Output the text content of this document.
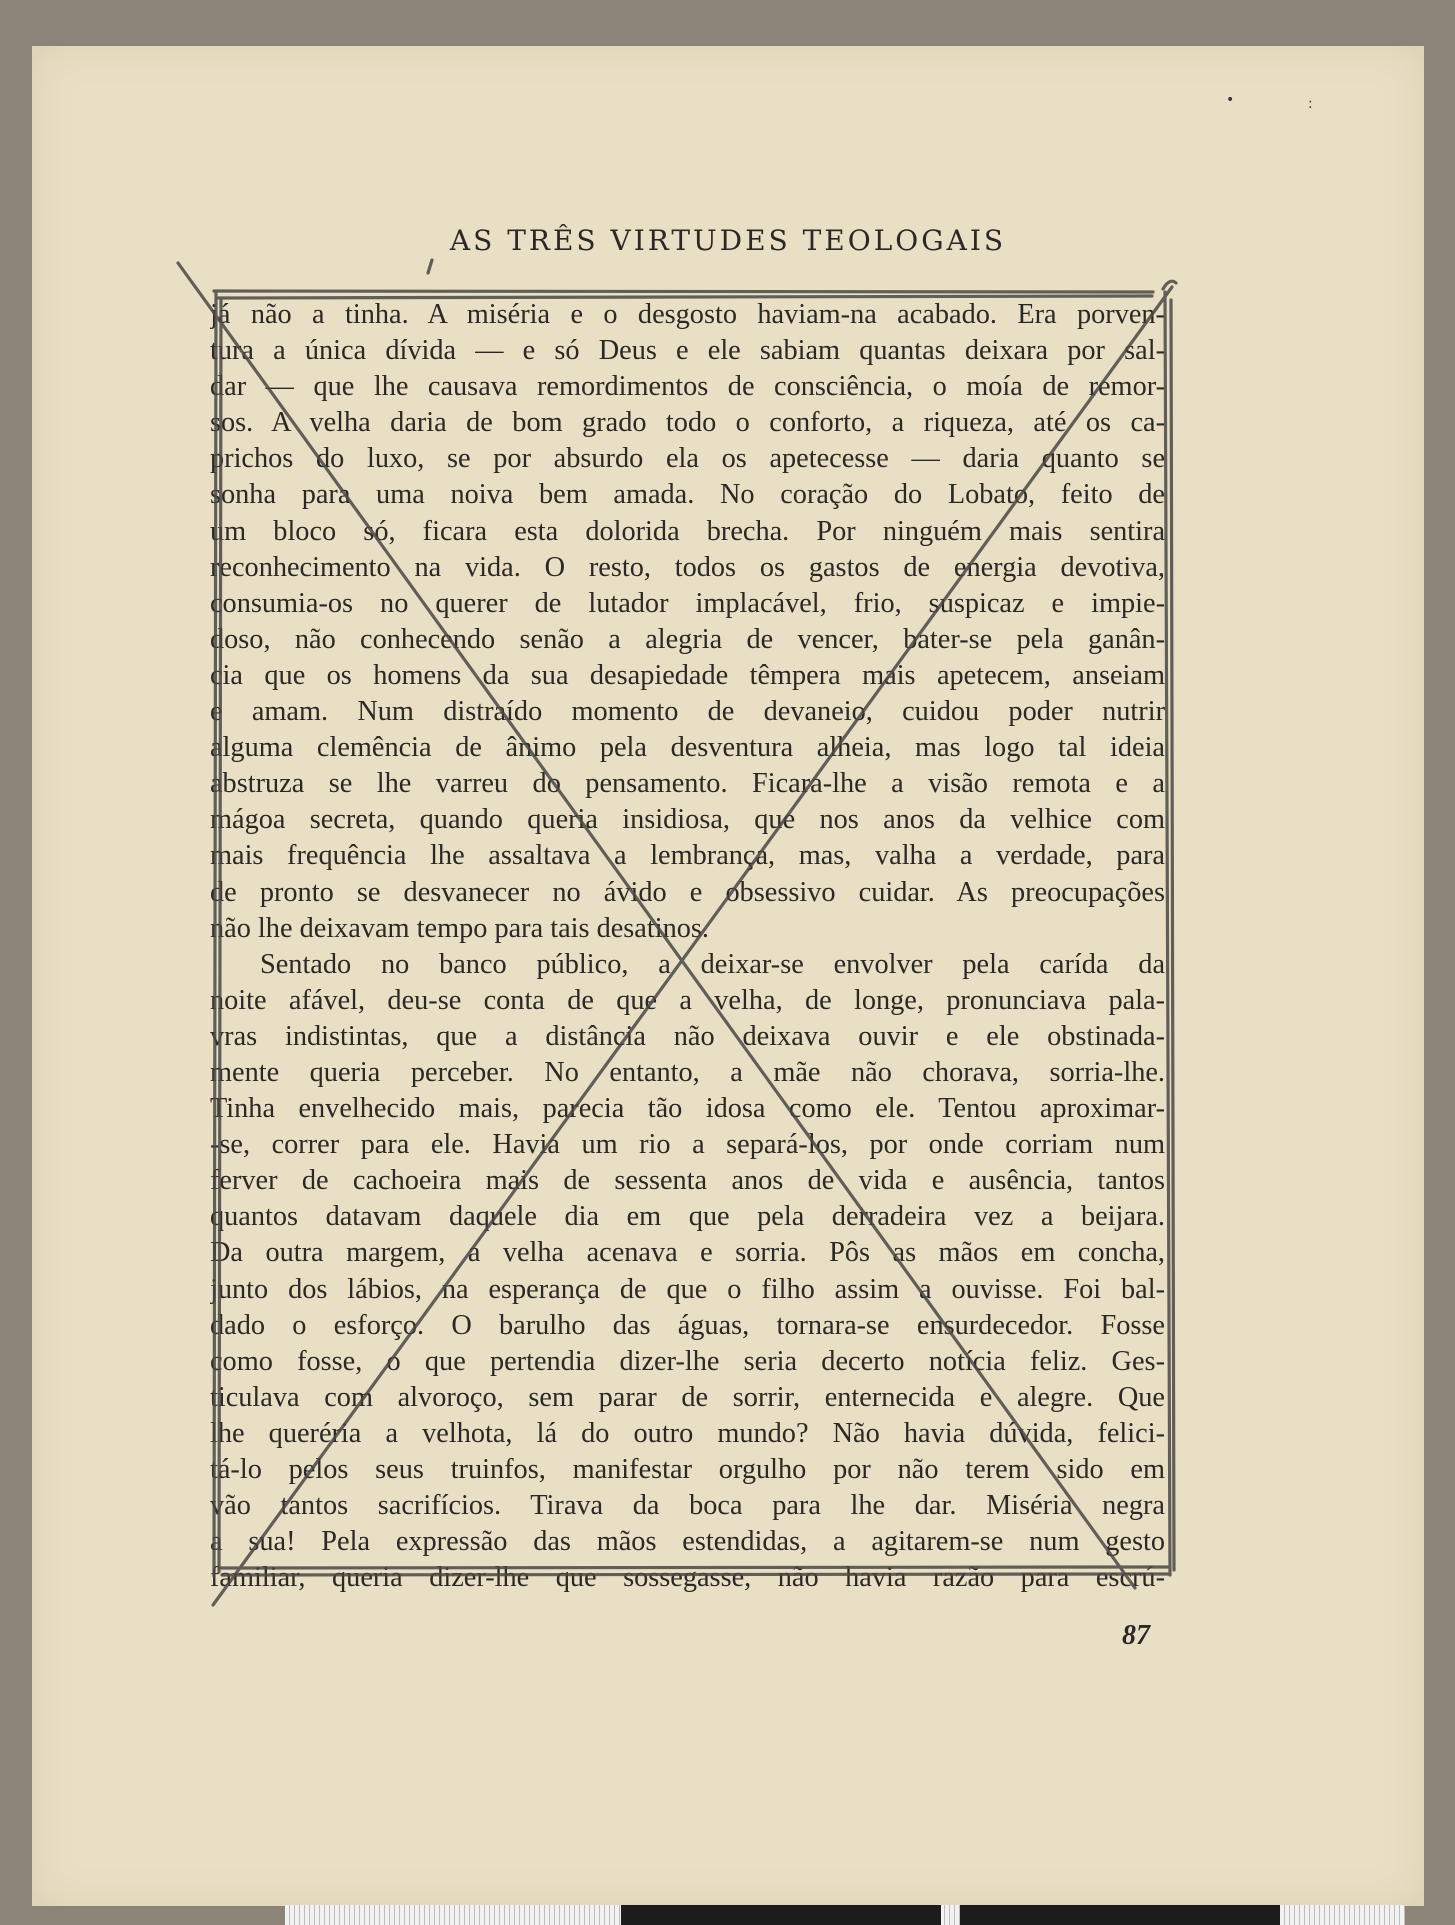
AS TRÊS VIRTUDES TEOLOGAIS
já não a tinha. A miséria e o desgosto haviam-na acabado. Era porven-
tura a única dívida — e só Deus e ele sabiam quantas deixara por sal-
dar — que lhe causava remordimentos de consciência, o moía de remor-
sos. A velha daria de bom grado todo o conforto, a riqueza, até os ca-
prichos do luxo, se por absurdo ela os apetecesse — daria quanto se
sonha para uma noiva bem amada. No coração do Lobato, feito de
um bloco só, ficara esta dolorida brecha. Por ninguém mais sentira
reconhecimento na vida. O resto, todos os gastos de energia devotiva,
consumia-os no querer de lutador implacável, frio, suspicaz e impie-
doso, não conhecendo senão a alegria de vencer, bater-se pela ganân-
cia que os homens da sua desapiedade têmpera mais apetecem, anseiam
e amam. Num distraído momento de devaneio, cuidou poder nutrir
alguma clemência de ânimo pela desventura alheia, mas logo tal ideia
abstruza se lhe varreu do pensamento. Ficara-lhe a visão remota e a
mágoa secreta, quando queria insidiosa, que nos anos da velhice com
mais frequência lhe assaltava a lembrança, mas, valha a verdade, para
de pronto se desvanecer no ávido e obsessivo cuidar. As preocupações
não lhe deixavam tempo para tais desatinos.
Sentado no banco público, a deixar-se envolver pela carída da
noite afável, deu-se conta de que a velha, de longe, pronunciava pala-
vras indistintas, que a distância não deixava ouvir e ele obstinada-
mente queria perceber. No entanto, a mãe não chorava, sorria-lhe.
Tinha envelhecido mais, parecia tão idosa como ele. Tentou aproximar-
-se, correr para ele. Havia um rio a separá-los, por onde corriam num
ferver de cachoeira mais de sessenta anos de vida e ausência, tantos
quantos datavam daquele dia em que pela derradeira vez a beijara.
Da outra margem, a velha acenava e sorria. Pôs as mãos em concha,
junto dos lábios, na esperança de que o filho assim a ouvisse. Foi bal-
dado o esforço. O barulho das águas, tornara-se ensurdecedor. Fosse
como fosse, o que pertendia dizer-lhe seria decerto notícia feliz. Ges-
ticulava com alvoroço, sem parar de sorrir, enternecida e alegre. Que
lhe queréria a velhota, lá do outro mundo? Não havia dúvida, felici-
tá-lo pelos seus truinfos, manifestar orgulho por não terem sido em
vão tantos sacrifícios. Tirava da boca para lhe dar. Miséria negra
a sua! Pela expressão das mãos estendidas, a agitarem-se num gesto
familiar, queria dizer-lhe que sossegasse, não havia razão para escrú-
87
•	:
